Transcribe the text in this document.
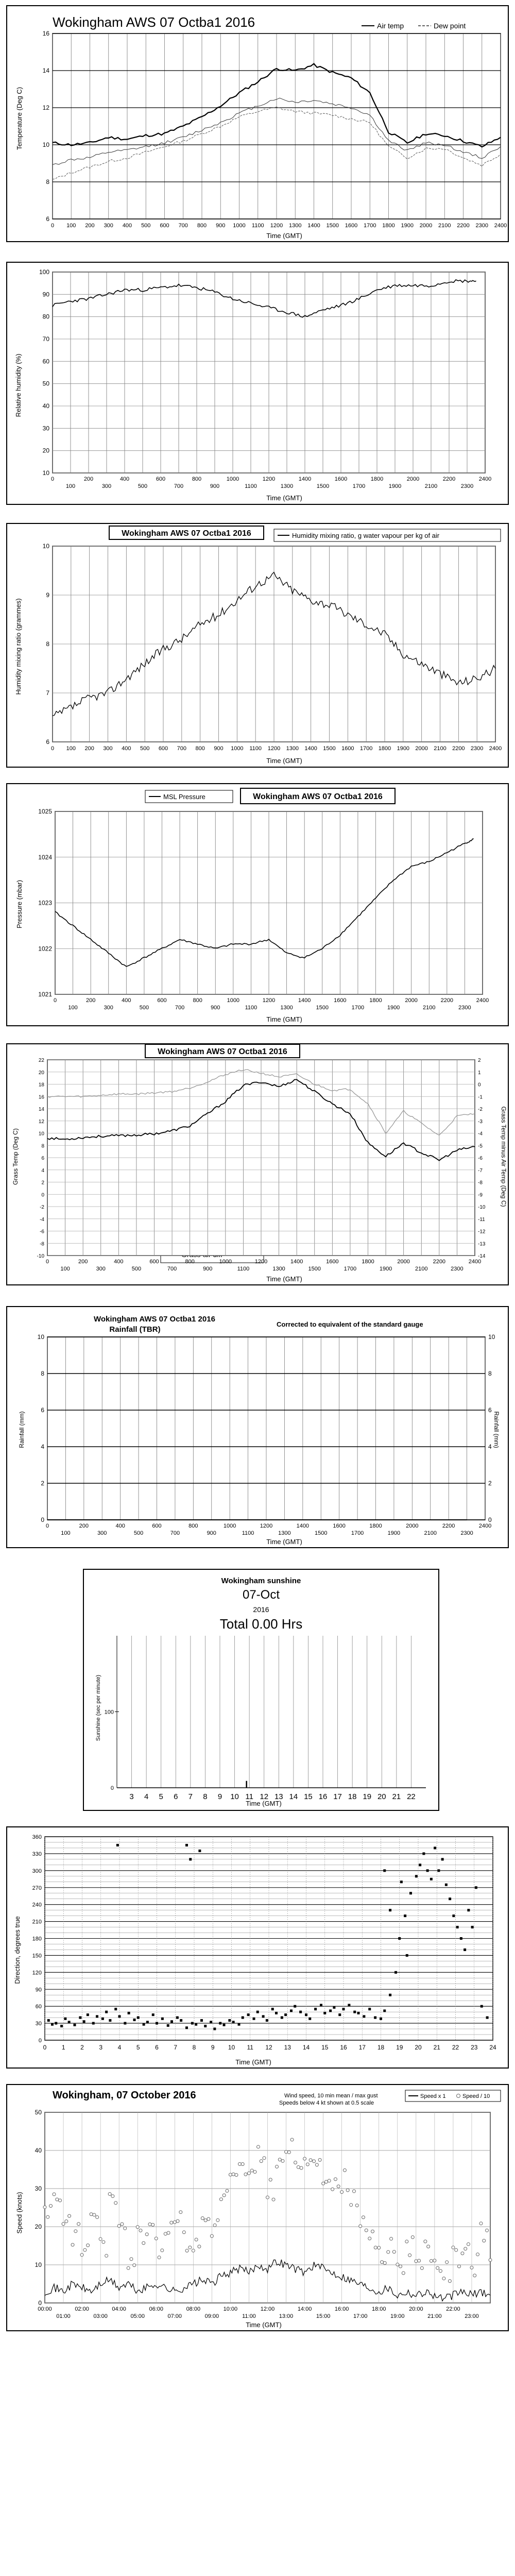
Wokingham AWS 07 Octba1 2016
Temperature (Deg C)
Time (GMT)
Air temp	Dew point
6
8
10
12
14
16
0 100 200 300 400 500 600 700 800 900 1000 1100 1200 1300 1400 1500 1600 1700 1800 1900 2000 2100 2200 2300 2400
Relative humidity (%)
Time (GMT)
10
20
30
40
50
60
70
80
90
100
0	200	400	600	800	1000	1200	1400	1600	1800	2000	2200	2400
100	300	500	700	900	1100	1300	1500	1700	1900	2100	2300
Wokingham AWS 07 Octba1 2016	Humidity mixing ratio, g water vapour per kg of air
Humidity mixing ratio (grammes)
Time (GMT)
6
7
8
9
10
0 100 200 300 400 500 600 700 800 900 1000 1100 1200 1300 1400 1500 1600 1700 1800 1900 2000 2100 2200 2300 2400
MSL Pressure	Wokingham AWS 07 Octba1 2016
Pressure (mbar)
Time (GMT)
1021
1022
1023
1024
1025
0	200	400	600	800	1000	1200	1400	1600	1800	2000	2200	2400
100	300	500	700	900	1100	1300	1500	1700	1900	2100	2300
Wokingham AWS 07 Octba1 2016
Grass Temp (Deg C)	Grass Temp minus Air Temp (Deg C)
Time (GMT)
-10
-8
-6
-4
-2
0
2
4
6
8
10
12
14
16
18
20
22
0	200	400	600	800	1000	1200	1400	1600	1800	2000	2200	2400
100	300	500	700	900	1100	1300	1500	1700	1900	2100	2300
-14
-13
-12
-11
-10
-9
-8
-7
-6
-5
-4
-3
-2
-1
0
1
2
Wokingham AWS 07 Octba1 2016
Rainfall (TBR)
Corrected to equivalent of the standard gauge
Rainfall (mm)	Rainfall (mm)
Time (GMT)
0
2
4
6
8
10
0	200	400	600	800	1000	1200	1400	1600	1800	2000	2200	2400
100	300	500	700	900	1100	1300	1500	1700	1900	2100	2300
0
2
4
6
8
10
Wokingham sunshine
07-Oct
2016
Total 0.00 Hrs
Sunshine (sec per minute)
Time (GMT)
3 4 5 6 7 8 9 10 11 12 13 14 15 16 17 18 19 20 21 22
0
100
Direction, degrees true
Time (GMT)
0
30
60
90
120
150
180
210
240
270
300
330
360
0 1 2 3 4 5 6 7 8 9 10 11 12 13 14 15 16 17 18 19 20 21 22 23 24
Wokingham, 07 October 2016	Wind speed, 10 min mean / max gust
Speeds below 4 kt shown at 0.5 scale
Speed x 1	Speed / 10
Speed (knots)
Time (GMT)
0
10
20
30
40
50
00:00	02:00	04:00	06:00	08:00	10:00	12:00	14:00	16:00	18:00	20:00	22:00
01:00	03:00	05:00	07:00	09:00	11:00	13:00	15:00	17:00	19:00	21:00	23:00
